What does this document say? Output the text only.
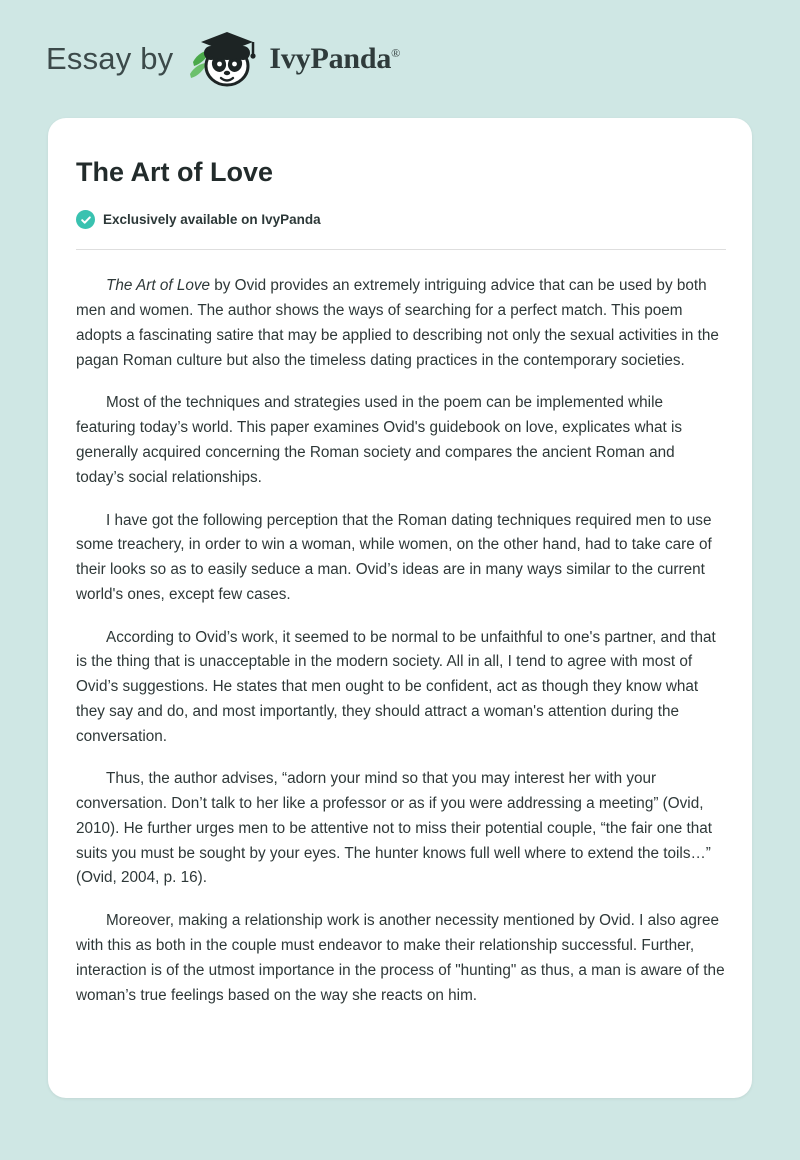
Essay by	IvyPanda®
The Art of Love
Exclusively available on IvyPanda

The Art of Love by Ovid provides an extremely intriguing advice that can be used by both men and women. The author shows the ways of searching for a perfect match. This poem adopts a fascinating satire that may be applied to describing not only the sexual activities in the pagan Roman culture but also the timeless dating practices in the contemporary societies.

Most of the techniques and strategies used in the poem can be implemented while featuring today’s world. This paper examines Ovid's guidebook on love, explicates what is generally acquired concerning the Roman society and compares the ancient Roman and today’s social relationships.

I have got the following perception that the Roman dating techniques required men to use some treachery, in order to win a woman, while women, on the other hand, had to take care of their looks so as to easily seduce a man. Ovid’s ideas are in many ways similar to the current world's ones, except few cases.

According to Ovid’s work, it seemed to be normal to be unfaithful to one's partner, and that is the thing that is unacceptable in the modern society. All in all, I tend to agree with most of Ovid’s suggestions. He states that men ought to be confident, act as though they know what they say and do, and most importantly, they should attract a woman's attention during the conversation.

Thus, the author advises, “adorn your mind so that you may interest her with your conversation. Don’t talk to her like a professor or as if you were addressing a meeting” (Ovid, 2010). He further urges men to be attentive not to miss their potential couple, “the fair one that suits you must be sought by your eyes. The hunter knows full well where to extend the toils…” (Ovid, 2004, p. 16).

Moreover, making a relationship work is another necessity mentioned by Ovid. I also agree with this as both in the couple must endeavor to make their relationship successful. Further, interaction is of the utmost importance in the process of "hunting" as thus, a man is aware of the woman’s true feelings based on the way she reacts on him.
